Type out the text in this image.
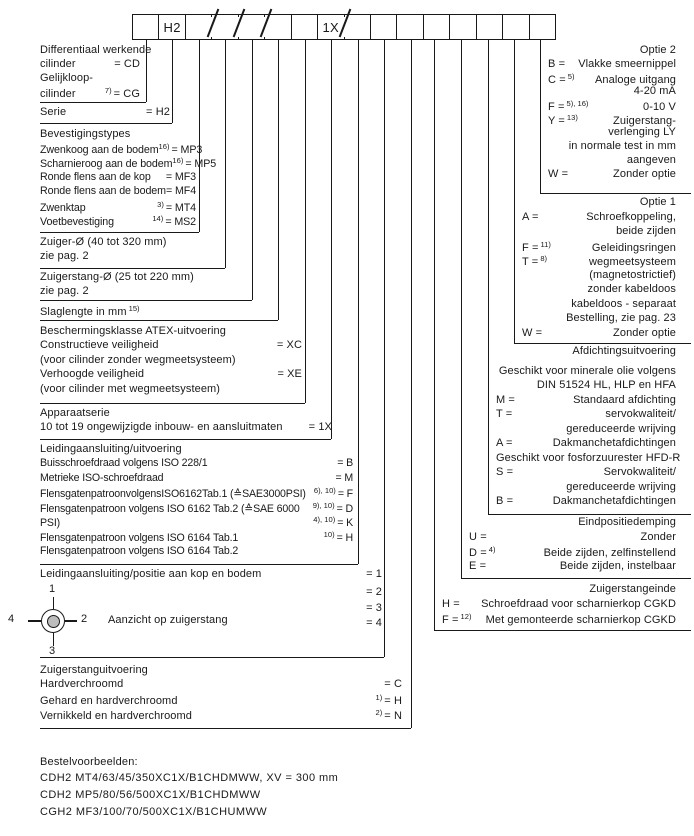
H2	1X
Differentiaal werkende
cilinder	= CD
Gelijkloop-
cilinder	$^{7)}$ = CG
Serie	= H2
Bevestigingstypes
Zwenkoog aan de bodem $^{16)}$ = MP3
Scharnieroog aan de bodem $^{16)}$ = MP5
Ronde flens aan de kop = MF3
Ronde flens aan de bodem = MF4
Zwenktap	$^{3)}$ = MT4
Voetbevestiging	$^{14)}$ = MS2
Zuiger-Ø (40 tot 320 mm)
zie pag. 2
Zuigerstang-Ø (25 tot 220 mm)
zie pag. 2
Slaglengte in mm $^{15)}$
Beschermingsklasse ATEX-uitvoering
Constructieve veiligheid	= XC
(voor cilinder zonder wegmeetsysteem)
Verhoogde veiligheid	= XE
(voor cilinder met wegmeetsysteem)
Apparaatserie
10 tot 19 ongewijzigde inbouw- en aansluitmaten = 1X
Leidingaansluiting/uitvoering
Buisschroefdraad volgens ISO 228/1	= B
Metrieke ISO-schroefdraad	= M
FlensgatenpatroonvolgensISO6162Tab.1 (≙SAE3000PSI) $^{6), 10)}$ = F
Flensgatenpatroon volgens ISO 6162 Tab.2 (≙SAE 6000 $^{9), 10)}$ = D
PSI)	$^{4), 10)}$ = K
Flensgatenpatroon volgens ISO 6164 Tab.1	$^{10)}$ = H
Flensgatenpatroon volgens ISO 6164 Tab.2
Leidingaansluiting/positie aan kop en bodem	= 1
= 2
= 3
= 4
Aanzicht op zuigerstang
1
2
3
4
Zuigerstanguitvoering
Hardverchroomd	= C
Gehard en hardverchroomd	$^{1)}$ = H
Vernikkeld en hardverchroomd	$^{2)}$ = N
Optie 2
B = Vlakke smeernippel
C = $^{5)}$ Analoge uitgang
4-20 mA
F = $^{5), 16)}$	0-10 V
Y = $^{13)}$	Zuigerstang-
verlenging LY
in normale test in mm
aangeven
W =	Zonder optie
Optie 1
A =	Schroefkoppeling,
beide zijden
F = $^{11)}$	Geleidingsringen
T = $^{8)}$	wegmeetsysteem
(magnetostrictief)
zonder kabeldoos
kabeldoos - separaat
Bestelling, zie pag. 23
W =	Zonder optie
Afdichtingsuitvoering
Geschikt voor minerale olie volgens
DIN 51524 HL, HLP en HFA
M =	Standaard afdichting
T =	servokwaliteit/
gereduceerde wrijving
A =	Dakmanchetafdichtingen
Geschikt voor fosforzuurester HFD-R
S =	Servokwaliteit/
gereduceerde wrijving
B =	Dakmanchetafdichtingen
Eindpositiedemping
U =	Zonder
D = $^{4)}$	Beide zijden, zelfinstellend
E =	Beide zijden, instelbaar
Zuigerstangeinde
H = Schroefdraad voor scharnierkop CGKD
F = $^{12)}$ Met gemonteerde scharnierkop CGKD
Bestelvoorbeelden:
CDH2 MT4/63/45/350XC1X/B1CHDMWW, XV = 300 mm
CDH2 MP5/80/56/500XC1X/B1CHDMWW
CGH2 MF3/100/70/500XC1X/B1CHUMWW
